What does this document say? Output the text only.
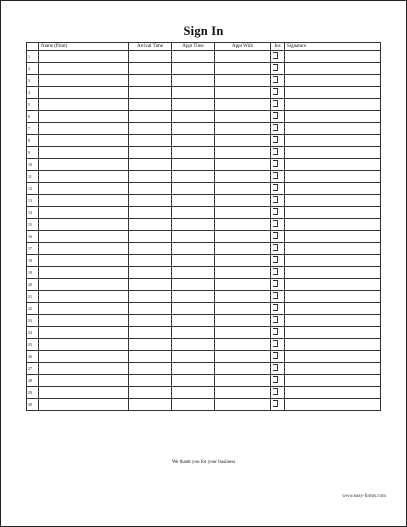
Sign In
	Name (Print)	Arrival Time	Appt Time	Appt With	Ins	Signature
1						
2						
3						
4						
5						
6						
7						
8						
9						
10						
11						
12						
13						
14						
15						
16						
17						
18						
19						
20						
21						
22						
23						
24						
25						
26						
27						
28						
29						
30						
We thank you for your business
www.easy-forms.com
